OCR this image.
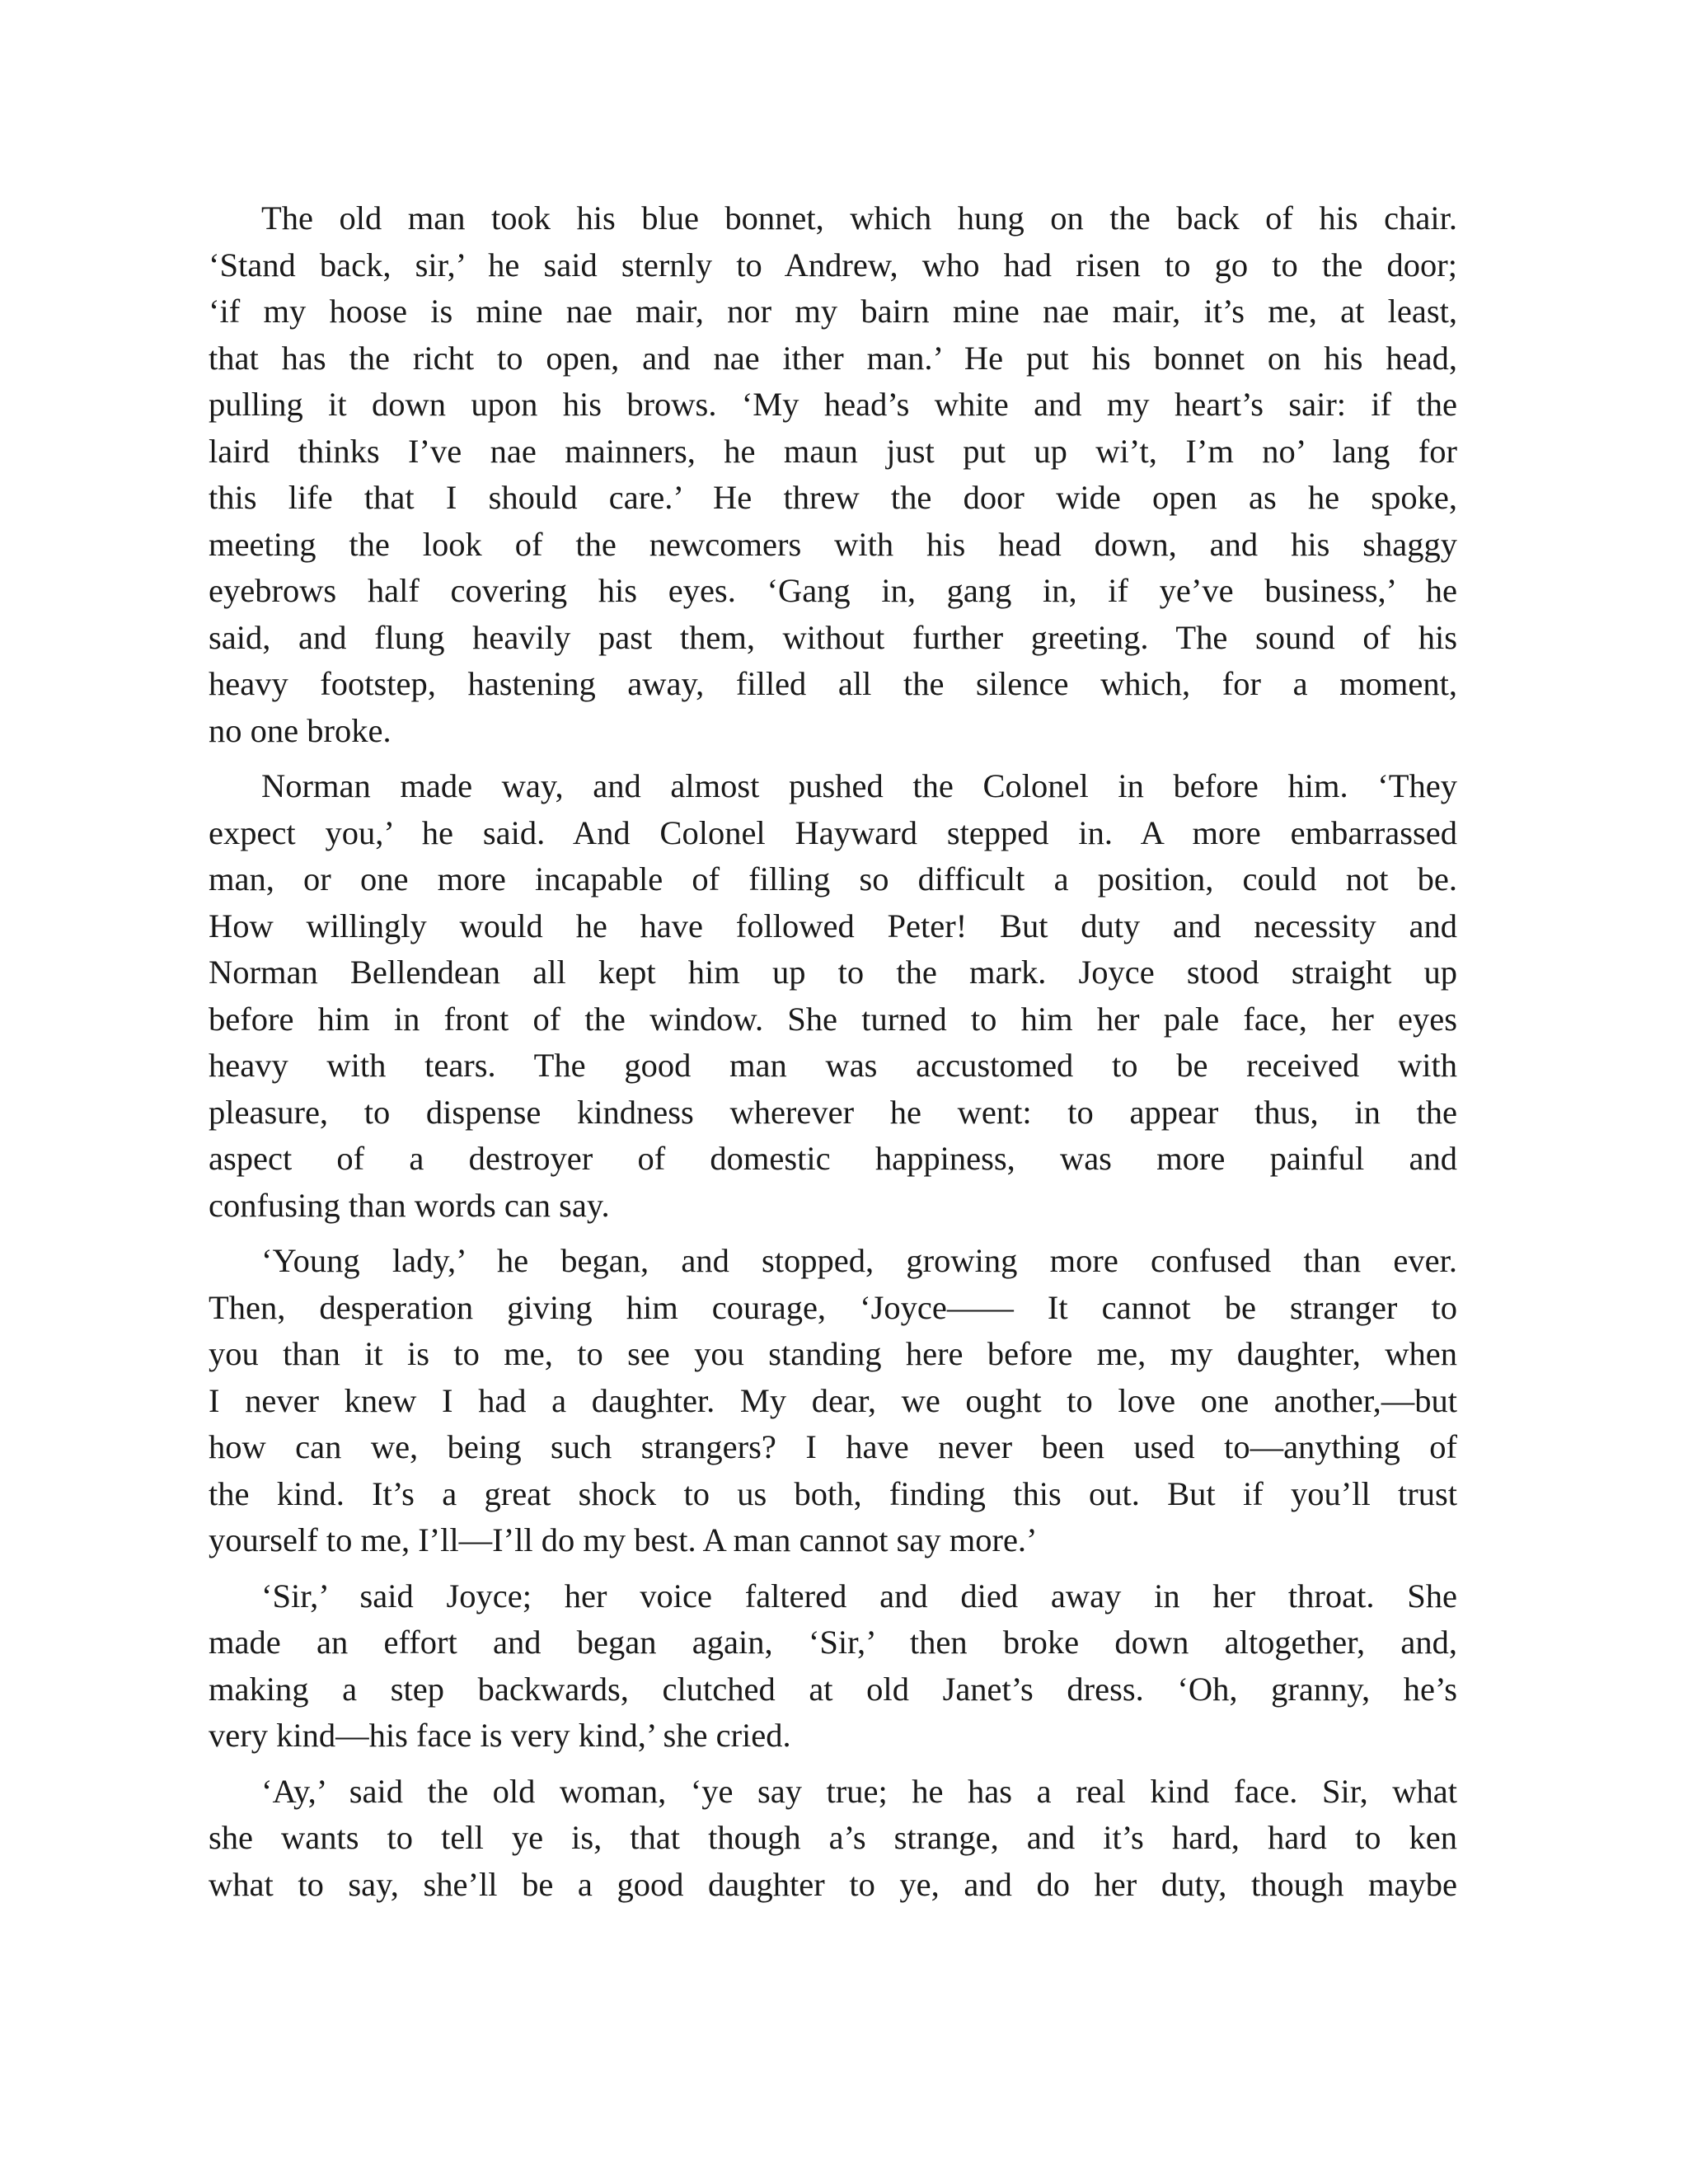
The old man took his blue bonnet, which hung on the back of his chair.
‘Stand back, sir,’ he said sternly to Andrew, who had risen to go to the door;
‘if my hoose is mine nae mair, nor my bairn mine nae mair, it’s me, at least,
that has the richt to open, and nae ither man.’ He put his bonnet on his head,
pulling it down upon his brows. ‘My head’s white and my heart’s sair: if the
laird thinks I’ve nae mainners, he maun just put up wi’t, I’m no’ lang for
this life that I should care.’ He threw the door wide open as he spoke,
meeting the look of the newcomers with his head down, and his shaggy
eyebrows half covering his eyes. ‘Gang in, gang in, if ye’ve business,’ he
said, and flung heavily past them, without further greeting. The sound of his
heavy footstep, hastening away, filled all the silence which, for a moment,
no one broke.
Norman made way, and almost pushed the Colonel in before him. ‘They
expect you,’ he said. And Colonel Hayward stepped in. A more embarrassed
man, or one more incapable of filling so difficult a position, could not be.
How willingly would he have followed Peter! But duty and necessity and
Norman Bellendean all kept him up to the mark. Joyce stood straight up
before him in front of the window. She turned to him her pale face, her eyes
heavy with tears. The good man was accustomed to be received with
pleasure, to dispense kindness wherever he went: to appear thus, in the
aspect of a destroyer of domestic happiness, was more painful and
confusing than words can say.
‘Young lady,’ he began, and stopped, growing more confused than ever.
Then, desperation giving him courage, ‘Joyce—— It cannot be stranger to
you than it is to me, to see you standing here before me, my daughter, when
I never knew I had a daughter. My dear, we ought to love one another,—but
how can we, being such strangers? I have never been used to—anything of
the kind. It’s a great shock to us both, finding this out. But if you’ll trust
yourself to me, I’ll—I’ll do my best. A man cannot say more.’
‘Sir,’ said Joyce; her voice faltered and died away in her throat. She
made an effort and began again, ‘Sir,’ then broke down altogether, and,
making a step backwards, clutched at old Janet’s dress. ‘Oh, granny, he’s
very kind—his face is very kind,’ she cried.
‘Ay,’ said the old woman, ‘ye say true; he has a real kind face. Sir, what
she wants to tell ye is, that though a’s strange, and it’s hard, hard to ken
what to say, she’ll be a good daughter to ye, and do her duty, though maybe
